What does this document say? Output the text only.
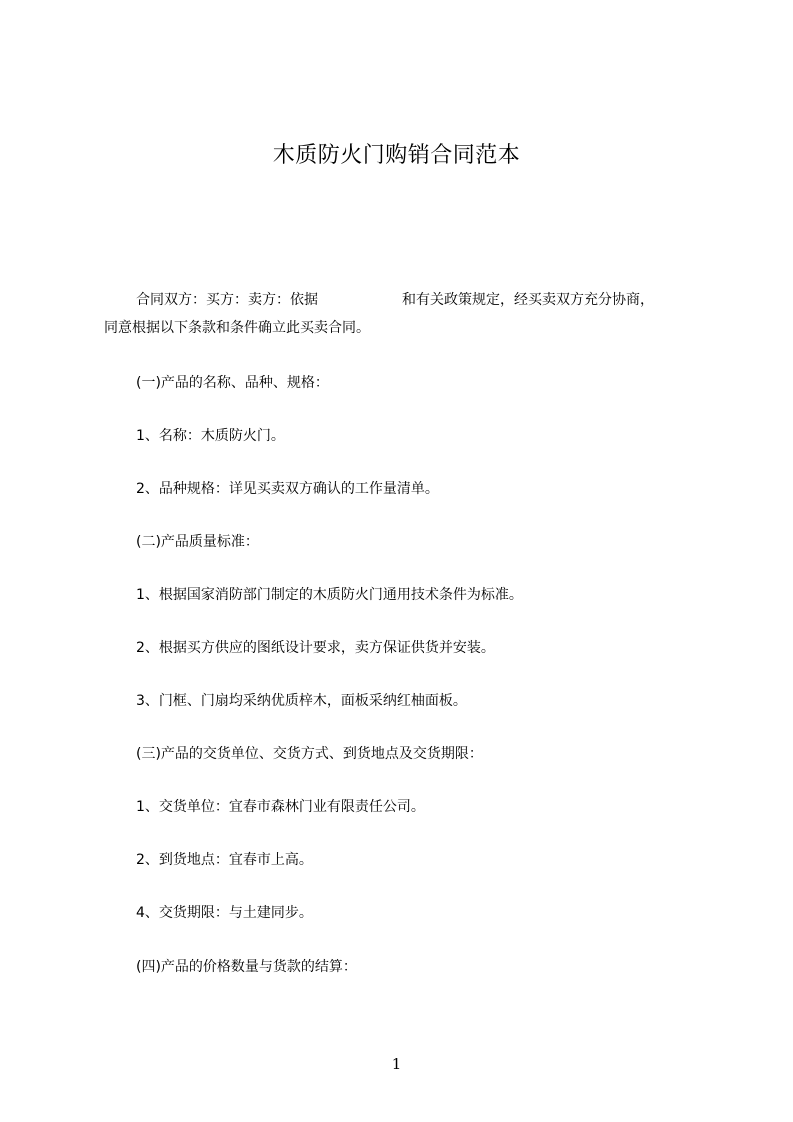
木质防火门购销合同范本
合同双方：买方：卖方：依据	和有关政策规定，经买卖双方充分协商，
同意根据以下条款和条件确立此买卖合同。
(一)产品的名称、品种、规格：
1、名称：木质防火门。
2、品种规格：详见买卖双方确认的工作量清单。
(二)产品质量标准：
1、根据国家消防部门制定的木质防火门通用技术条件为标准。
2、根据买方供应的图纸设计要求，卖方保证供货并安装。
3、门框、门扇均采纳优质梓木，面板采纳红柚面板。
(三)产品的交货单位、交货方式、到货地点及交货期限：
1、交货单位：宜春市森林门业有限责任公司。
2、到货地点：宜春市上高。
4、交货期限：与土建同步。
(四)产品的价格数量与货款的结算：
1
